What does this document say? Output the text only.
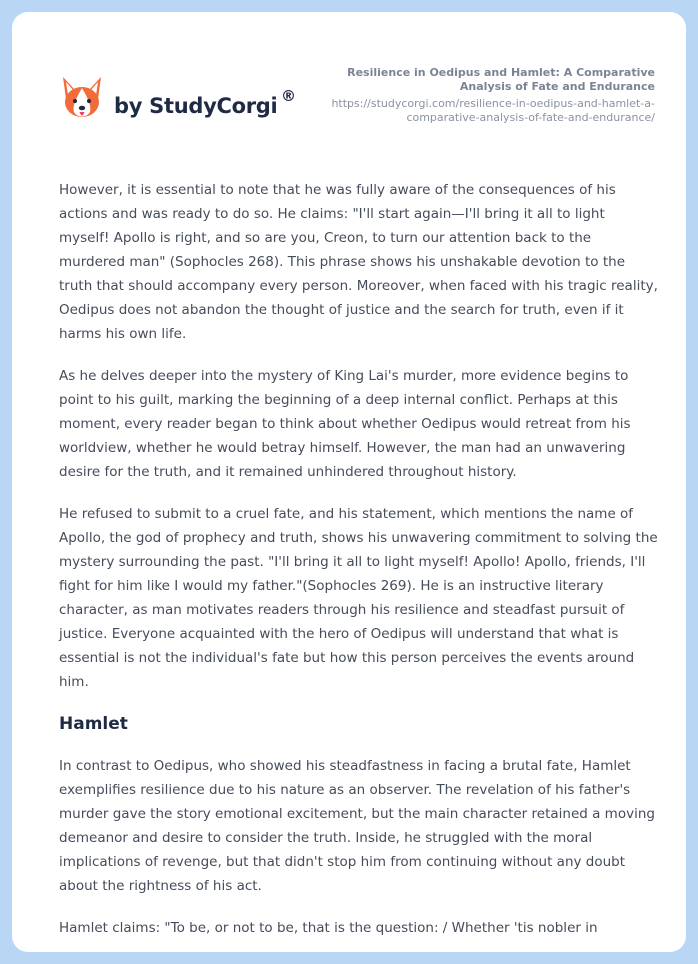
by StudyCorgi ®
Resilience in Oedipus and Hamlet: A Comparative Analysis of Fate and Endurance
https://studycorgi.com/resilience-in-oedipus-and-hamlet-a-comparative-analysis-of-fate-and-endurance/

However, it is essential to note that he was fully aware of the consequences of his actions and was ready to do so. He claims: "I'll start again—I'll bring it all to light myself! Apollo is right, and so are you, Creon, to turn our attention back to the murdered man" (Sophocles 268). This phrase shows his unshakable devotion to the truth that should accompany every person. Moreover, when faced with his tragic reality, Oedipus does not abandon the thought of justice and the search for truth, even if it harms his own life.

As he delves deeper into the mystery of King Lai's murder, more evidence begins to point to his guilt, marking the beginning of a deep internal conflict. Perhaps at this moment, every reader began to think about whether Oedipus would retreat from his worldview, whether he would betray himself. However, the man had an unwavering desire for the truth, and it remained unhindered throughout history.

He refused to submit to a cruel fate, and his statement, which mentions the name of Apollo, the god of prophecy and truth, shows his unwavering commitment to solving the mystery surrounding the past. "I'll bring it all to light myself! Apollo! Apollo, friends, I'll fight for him like I would my father."(Sophocles 269). He is an instructive literary character, as man motivates readers through his resilience and steadfast pursuit of justice. Everyone acquainted with the hero of Oedipus will understand that what is essential is not the individual's fate but how this person perceives the events around him.

Hamlet

In contrast to Oedipus, who showed his steadfastness in facing a brutal fate, Hamlet exemplifies resilience due to his nature as an observer. The revelation of his father's murder gave the story emotional excitement, but the main character retained a moving demeanor and desire to consider the truth. Inside, he struggled with the moral implications of revenge, but that didn't stop him from continuing without any doubt about the rightness of his act.

Hamlet claims: "To be, or not to be, that is the question: / Whether 'tis nobler in
